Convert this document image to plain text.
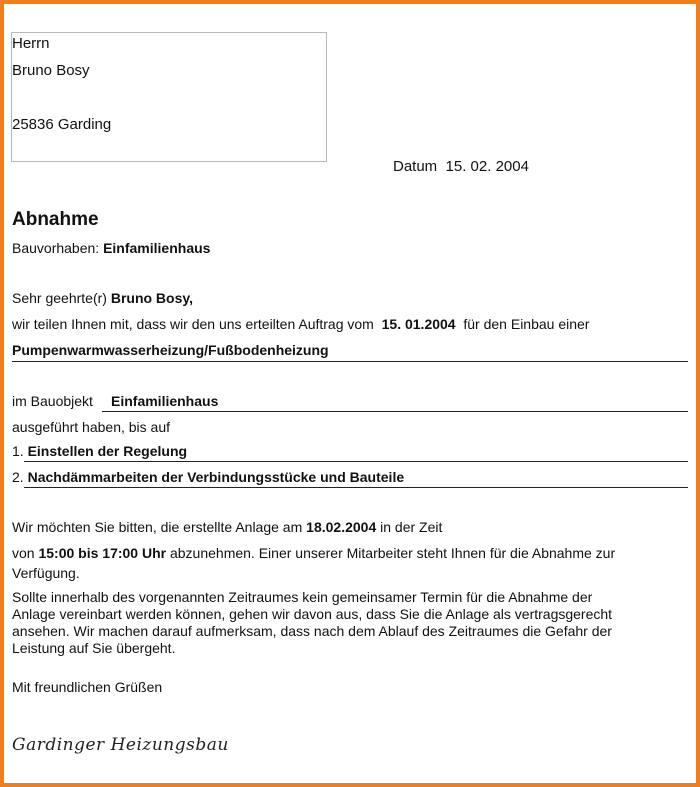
Herrn
Bruno Bosy
25836 Garding
Datum 15. 02. 2004
Abnahme
Bauvorhaben: Einfamilienhaus
Sehr geehrte(r) Bruno Bosy,
wir teilen Ihnen mit, dass wir den uns erteilten Auftrag vom 15. 01.2004 für den Einbau einer
Pumpenwarmwasserheizung/Fußbodenheizung
im Bauobjekt Einfamilienhaus
ausgeführt haben, bis auf
1. Einstellen der Regelung
2. Nachdämmarbeiten der Verbindungsstücke und Bauteile
Wir möchten Sie bitten, die erstellte Anlage am 18.02.2004 in der Zeit
von 15:00 bis 17:00 Uhr abzunehmen. Einer unserer Mitarbeiter steht Ihnen für die Abnahme zur
Verfügung.
Sollte innerhalb des vorgenannten Zeitraumes kein gemeinsamer Termin für die Abnahme der
Anlage vereinbart werden können, gehen wir davon aus, dass Sie die Anlage als vertragsgerecht
ansehen. Wir machen darauf aufmerksam, dass nach dem Ablauf des Zeitraumes die Gefahr der
Leistung auf Sie übergeht.
Mit freundlichen Grüßen
Gardinger Heizungsbau
